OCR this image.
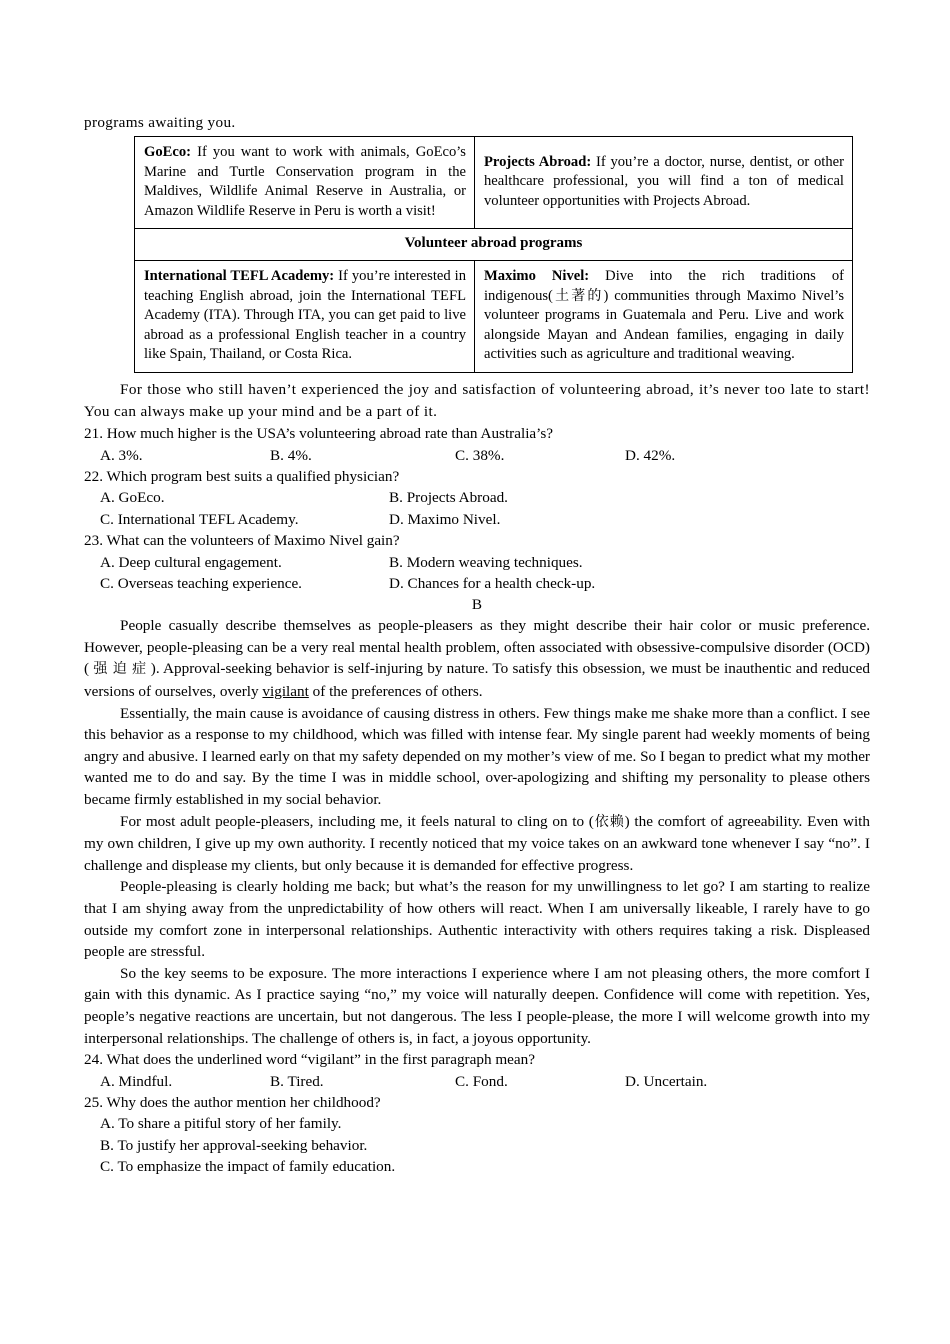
programs awaiting you.

GoEco: If you want to work with animals, GoEco’s Marine and Turtle Conservation program in the Maldives, Wildlife Animal Reserve in Australia, or Amazon Wildlife Reserve in Peru is worth a visit!	Projects Abroad: If you’re a doctor, nurse, dentist, or other healthcare professional, you will find a ton of medical volunteer opportunities with Projects Abroad.
Volunteer abroad programs	
International TEFL Academy: If you’re interested in teaching English abroad, join the International TEFL Academy (ITA). Through ITA, you can get paid to live abroad as a professional English teacher in a country like Spain, Thailand, or Costa Rica.	Maximo Nivel: Dive into the rich traditions of indigenous(土著的) communities through Maximo Nivel’s volunteer programs in Guatemala and Peru. Live and work alongside Mayan and Andean families, engaging in daily activities such as agriculture and traditional weaving.

For those who still haven’t experienced the joy and satisfaction of volunteering abroad, it’s never too late to start! You can always make up your mind and be a part of it.

21. How much higher is the USA’s volunteering abroad rate than Australia’s?

A. 3%.	B. 4%.	C. 38%.	D. 42%.

22. Which program best suits a qualified physician?

A. GoEco.	B. Projects Abroad.
C. International TEFL Academy.	D. Maximo Nivel.

23. What can the volunteers of Maximo Nivel gain?

A. Deep cultural engagement.	B. Modern weaving techniques.
C. Overseas teaching experience.	D. Chances for a health check-up.

B

People casually describe themselves as people-pleasers as they might describe their hair color or music preference. However, people-pleasing can be a very real mental health problem, often associated with obsessive-compulsive disorder (OCD) ( 强 迫 症 ). Approval-seeking behavior is self-injuring by nature. To satisfy this obsession, we must be inauthentic and reduced versions of ourselves, overly vigilant of the preferences of others.

Essentially, the main cause is avoidance of causing distress in others. Few things make me shake more than a conflict. I see this behavior as a response to my childhood, which was filled with intense fear. My single parent had weekly moments of being angry and abusive. I learned early on that my safety depended on my mother’s view of me. So I began to predict what my mother wanted me to do and say. By the time I was in middle school, over-apologizing and shifting my personality to please others became firmly established in my social behavior.

For most adult people-pleasers, including me, it feels natural to cling on to (依赖) the comfort of agreeability. Even with my own children, I give up my own authority. I recently noticed that my voice takes on an awkward tone whenever I say “no”. I challenge and displease my clients, but only because it is demanded for effective progress.

People-pleasing is clearly holding me back; but what’s the reason for my unwillingness to let go? I am starting to realize that I am shying away from the unpredictability of how others will react. When I am universally likeable, I rarely have to go outside my comfort zone in interpersonal relationships. Authentic interactivity with others requires taking a risk. Displeased people are stressful.

So the key seems to be exposure. The more interactions I experience where I am not pleasing others, the more comfort I gain with this dynamic. As I practice saying “no,” my voice will naturally deepen. Confidence will come with repetition. Yes, people’s negative reactions are uncertain, but not dangerous. The less I people-please, the more I will welcome growth into my interpersonal relationships. The challenge of others is, in fact, a joyous opportunity.

24. What does the underlined word “vigilant” in the first paragraph mean?

A. Mindful.	B. Tired.	C. Fond.	D. Uncertain.

25. Why does the author mention her childhood?

A. To share a pitiful story of her family.

B. To justify her approval-seeking behavior.

C. To emphasize the impact of family education.
